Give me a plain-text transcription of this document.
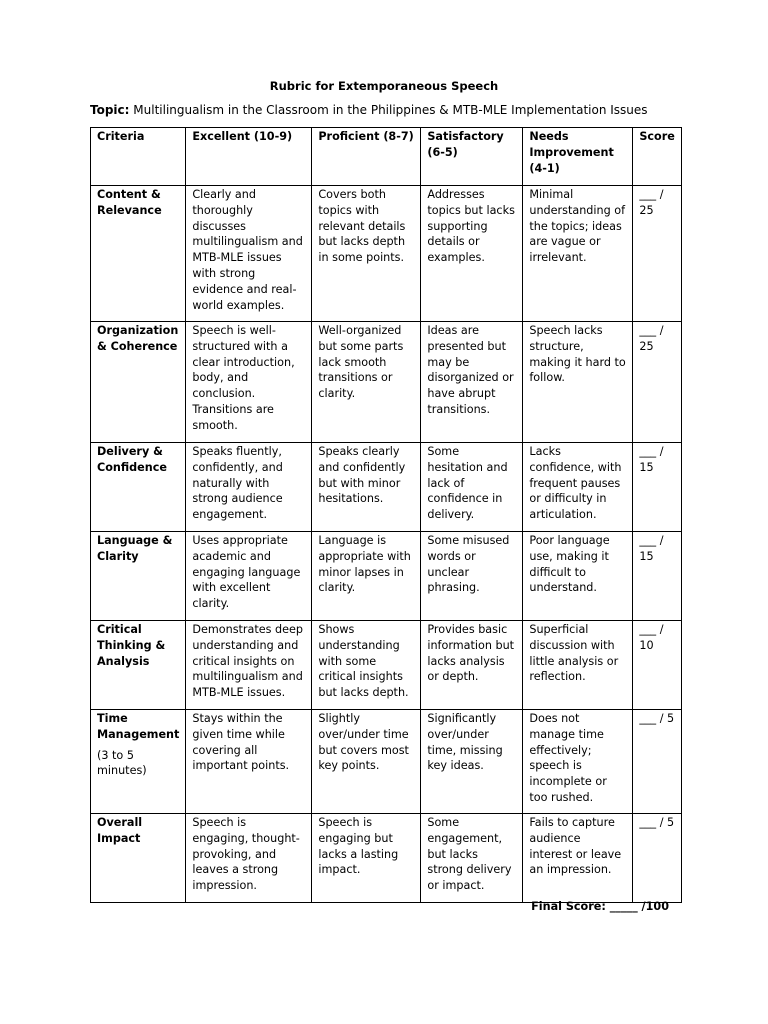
Rubric for Extemporaneous Speech
Topic: Multilingualism in the Classroom in the Philippines & MTB-MLE Implementation Issues
Criteria	Excellent (10-9)	Proficient (8-7)	Satisfactory (6-5)	Needs Improvement (4-1)	Score
Content & Relevance	Clearly and thoroughly discusses multilingualism and MTB-MLE issues with strong evidence and real-world examples.	Covers both topics with relevant details but lacks depth in some points.	Addresses topics but lacks supporting details or examples.	Minimal understanding of the topics; ideas are vague or irrelevant.	___ / 25
Organization & Coherence	Speech is well-structured with a clear introduction, body, and conclusion. Transitions are smooth.	Well-organized but some parts lack smooth transitions or clarity.	Ideas are presented but may be disorganized or have abrupt transitions.	Speech lacks structure, making it hard to follow.	___ / 25
Delivery & Confidence	Speaks fluently, confidently, and naturally with strong audience engagement.	Speaks clearly and confidently but with minor hesitations.	Some hesitation and lack of confidence in delivery.	Lacks confidence, with frequent pauses or difficulty in articulation.	___ / 15
Language & Clarity	Uses appropriate academic and engaging language with excellent clarity.	Language is appropriate with minor lapses in clarity.	Some misused words or unclear phrasing.	Poor language use, making it difficult to understand.	___ / 15
Critical Thinking & Analysis	Demonstrates deep understanding and critical insights on multilingualism and MTB-MLE issues.	Shows understanding with some critical insights but lacks depth.	Provides basic information but lacks analysis or depth.	Superficial discussion with little analysis or reflection.	___ / 10
Time Management
(3 to 5 minutes)	Stays within the given time while covering all important points.	Slightly over/under time but covers most key points.	Significantly over/under time, missing key ideas.	Does not manage time effectively; speech is incomplete or too rushed.	___ / 5
Overall Impact	Speech is engaging, thought-provoking, and leaves a strong impression.	Speech is engaging but lacks a lasting impact.	Some engagement, but lacks strong delivery or impact.	Fails to capture audience interest or leave an impression.	___ / 5
Final Score: _____ /100
